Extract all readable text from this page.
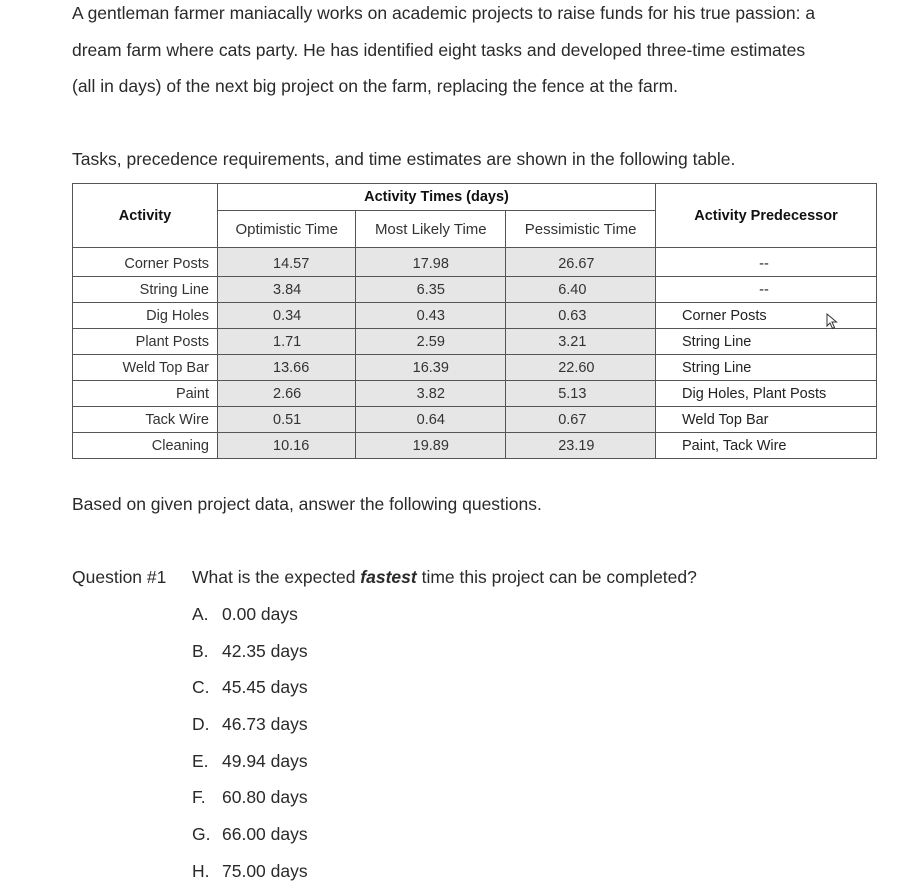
A gentleman farmer maniacally works on academic projects to raise funds for his true passion: a
dream farm where cats party. He has identified eight tasks and developed three-time estimates
(all in days) of the next big project on the farm, replacing the fence at the farm.
Tasks, precedence requirements, and time estimates are shown in the following table.
Activity	Activity Times (days)			Activity Predecessor
	Optimistic Time	Most Likely Time	Pessimistic Time	
Corner Posts	14.57	17.98	26.67	--
String Line	3.84	6.35	6.40	--
Dig Holes	0.34	0.43	0.63	Corner Posts
Plant Posts	1.71	2.59	3.21	String Line
Weld Top Bar	13.66	16.39	22.60	String Line
Paint	2.66	3.82	5.13	Dig Holes, Plant Posts
Tack Wire	0.51	0.64	0.67	Weld Top Bar
Cleaning	10.16	19.89	23.19	Paint, Tack Wire
Based on given project data, answer the following questions.
Question #1 What is the expected fastest time this project can be completed?
A. 0.00 days
B. 42.35 days
C. 45.45 days
D. 46.73 days
E. 49.94 days
F. 60.80 days
G. 66.00 days
H. 75.00 days
